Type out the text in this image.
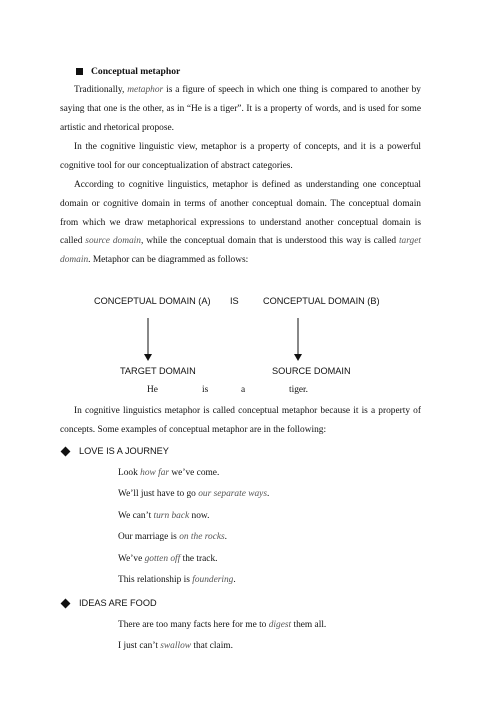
Conceptual metaphor

Traditionally, metaphor is a figure of speech in which one thing is compared to another by saying that one is the other, as in “He is a tiger”. It is a property of words, and is used for some artistic and rhetorical propose.

In the cognitive linguistic view, metaphor is a property of concepts, and it is a powerful cognitive tool for our conceptualization of abstract categories.

According to cognitive linguistics, metaphor is defined as understanding one conceptual domain or cognitive domain in terms of another conceptual domain. The conceptual domain from which we draw metaphorical expressions to understand another conceptual domain is called source domain, while the conceptual domain that is understood this way is called target domain. Metaphor can be diagrammed as follows:

CONCEPTUAL DOMAIN (A) IS	CONCEPTUAL DOMAIN (B)
TARGET DOMAIN	SOURCE DOMAIN
He	is	a	tiger.

In cognitive linguistics metaphor is called conceptual metaphor because it is a property of concepts. Some examples of conceptual metaphor are in the following:

LOVE IS A JOURNEY
Look how far we’ve come.
We’ll just have to go our separate ways.
We can’t turn back now.
Our marriage is on the rocks.
We’ve gotten off the track.
This relationship is foundering.
IDEAS ARE FOOD
There are too many facts here for me to digest them all.
I just can’t swallow that claim.
